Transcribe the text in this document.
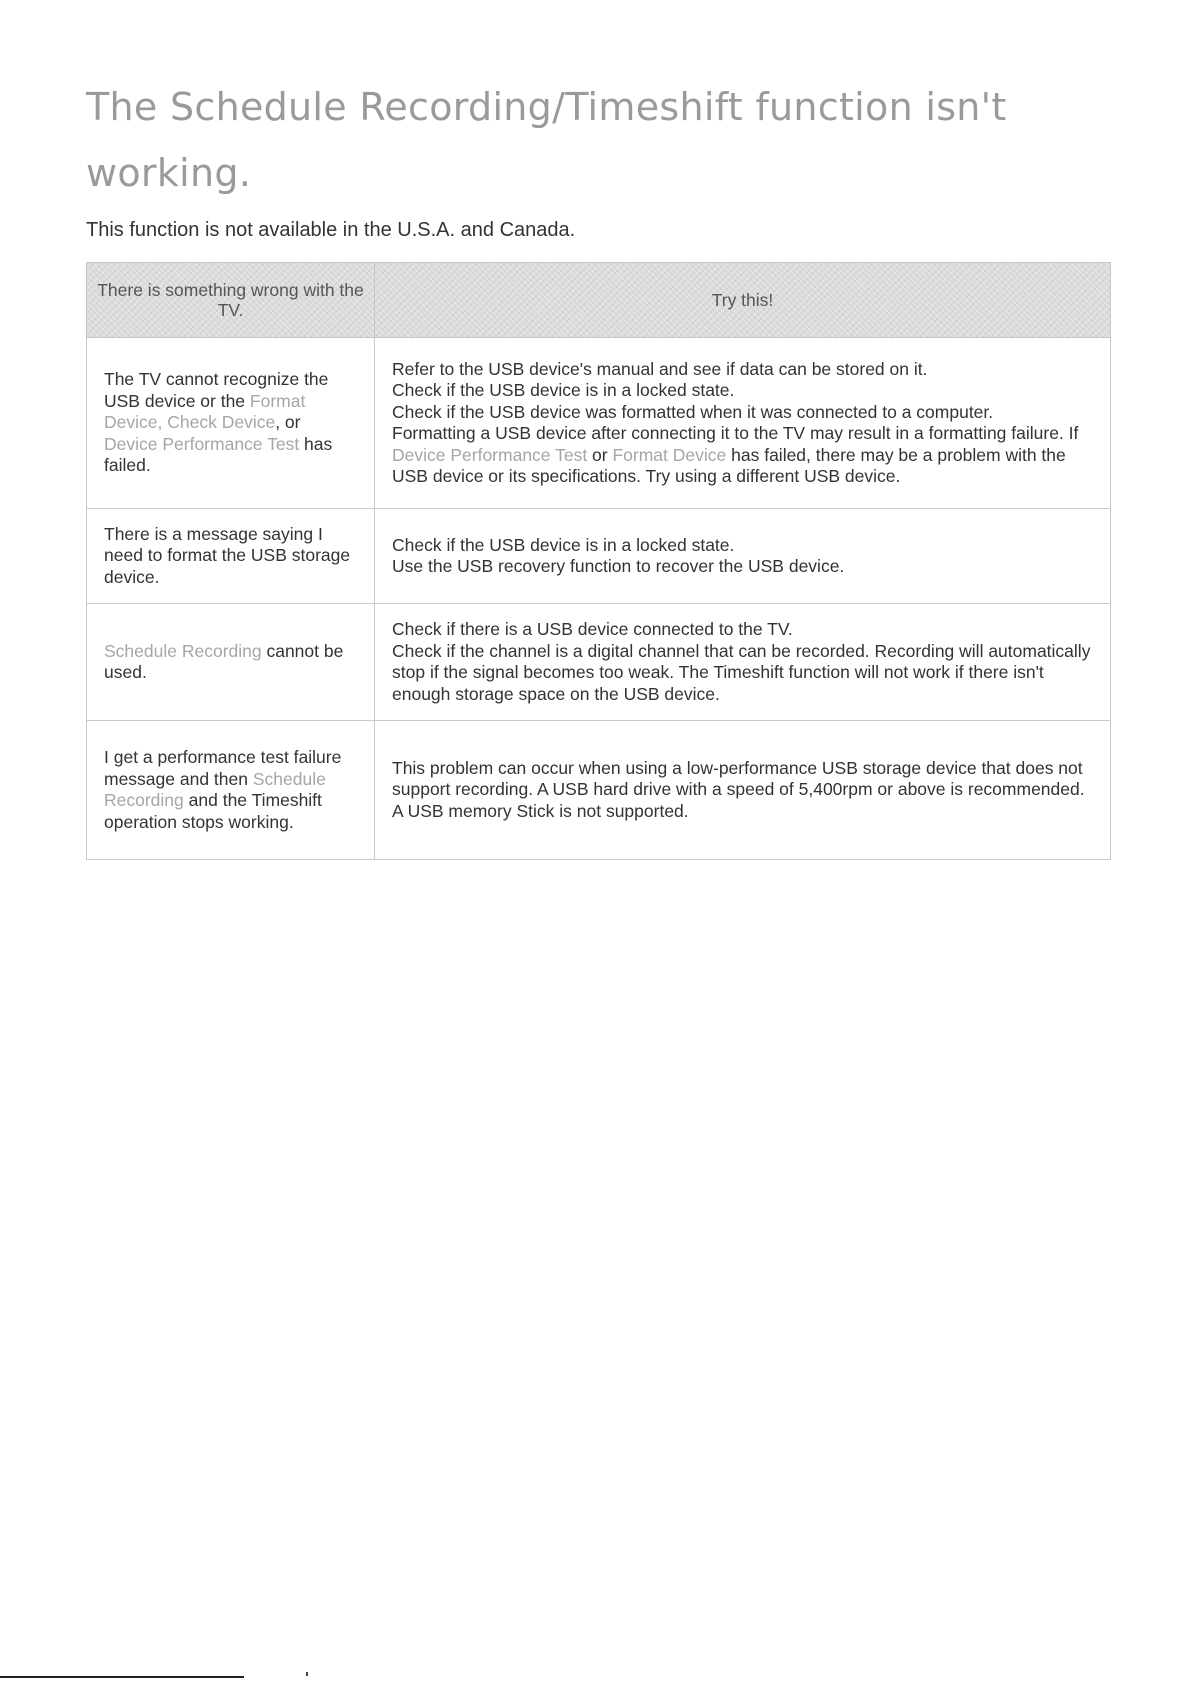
The Schedule Recording/Timeshift function isn't working.

This function is not available in the U.S.A. and Canada.

There is something wrong with the TV.	Try this!
The TV cannot recognize the USB device or the Format Device, Check Device, or Device Performance Test has failed.	Refer to the USB device's manual and see if data can be stored on it.
Check if the USB device is in a locked state.
Check if the USB device was formatted when it was connected to a computer.
Formatting a USB device after connecting it to the TV may result in a formatting failure. If Device Performance Test or Format Device has failed, there may be a problem with the USB device or its specifications. Try using a different USB device.

There is a message saying I need to format the USB storage device.	Check if the USB device is in a locked state.
Use the USB recovery function to recover the USB device.

Schedule Recording cannot be used.	Check if there is a USB device connected to the TV.
Check if the channel is a digital channel that can be recorded. Recording will automatically stop if the signal becomes too weak. The Timeshift function will not work if there isn't enough storage space on the USB device.

I get a performance test failure message and then Schedule Recording and the Timeshift operation stops working.	This problem can occur when using a low-performance USB storage device that does not support recording. A USB hard drive with a speed of 5,400rpm or above is recommended. A USB memory Stick is not supported.
